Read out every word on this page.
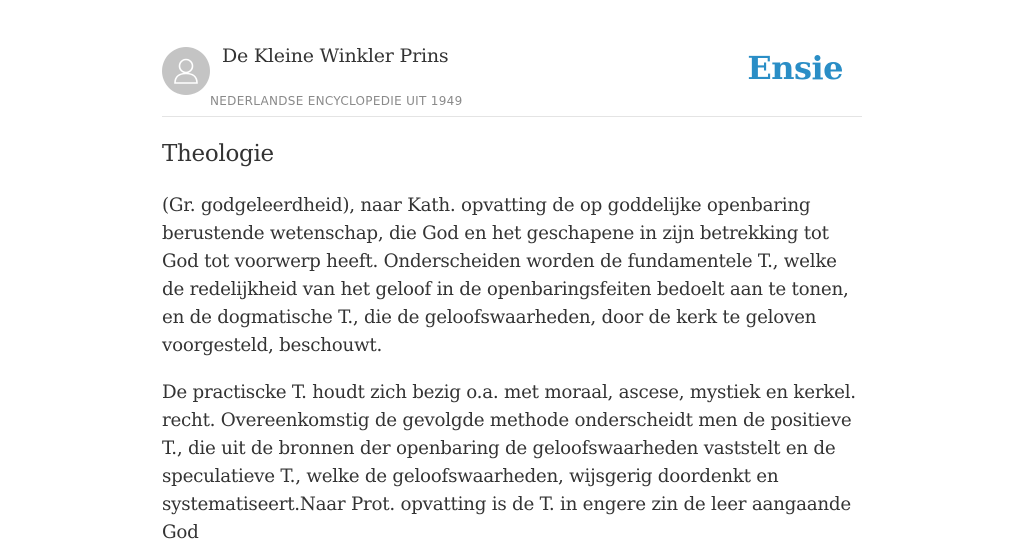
De Kleine Winkler Prins
NEDERLANDSE ENCYCLOPEDIE UIT 1949
Ensie
Theologie

(Gr. godgeleerdheid), naar Kath. opvatting de op goddelijke openbaring berustende wetenschap, die God en het geschapene in zijn betrekking tot God tot voorwerp heeft. Onderscheiden worden de fundamentele T., welke de redelijkheid van het geloof in de openbaringsfeiten bedoelt aan te tonen, en de dogmatische T., die de geloofswaarheden, door de kerk te geloven voorgesteld, beschouwt.

De practiscke T. houdt zich bezig o.a. met moraal, ascese, mystiek en kerkel. recht. Overeenkomstig de gevolgde methode onderscheidt men de positieve T., die uit de bronnen der openbaring de geloofswaarheden vaststelt en de speculatieve T., welke de geloofswaarheden, wijsgerig doordenkt en systematiseert.Naar Prot. opvatting is de T. in engere zin de leer aangaande God
